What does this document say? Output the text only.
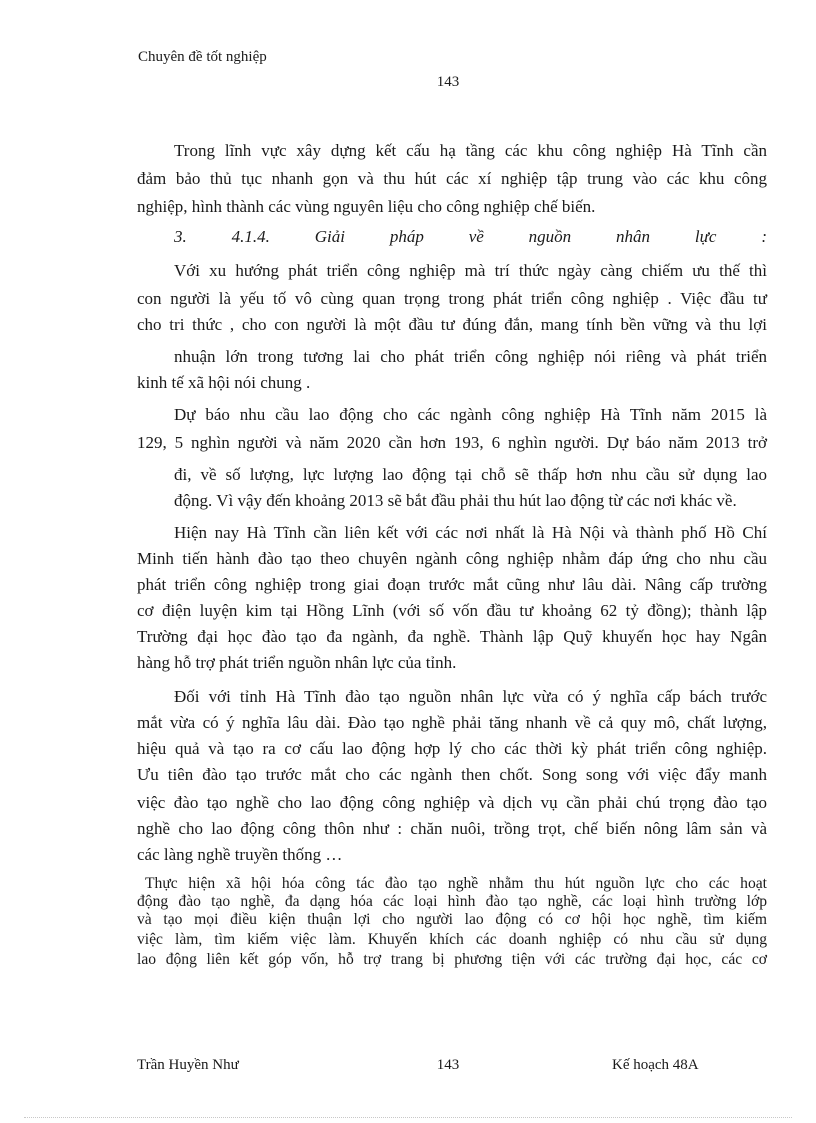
Chuyên đề tốt nghiệp
143
Trong lĩnh vực xây dựng kết cấu hạ tầng các khu công nghiệp Hà Tĩnh cần
đảm bảo thủ tục nhanh gọn và thu hút các xí nghiệp tập trung vào các khu công
nghiệp, hình thành các vùng nguyên liệu cho công nghiệp chế biến.
3. 4.1.4. Giải pháp về nguồn nhân lực :
Với xu hướng phát triển công nghiệp mà trí thức ngày càng chiếm ưu thế thì
con người là yếu tố vô cùng quan trọng trong phát triển công nghiệp . Việc đầu tư
cho tri thức , cho con người là một đầu tư đúng đắn, mang tính bền vững và thu lợi
nhuận lớn trong tương lai cho phát triển công nghiệp nói riêng và phát triển
kinh tế xã hội nói chung .
Dự báo nhu cầu lao động cho các ngành công nghiệp Hà Tĩnh năm 2015 là
129, 5 nghìn người và năm 2020 cần hơn 193, 6 nghìn người. Dự báo năm 2013 trở
đi, về số lượng, lực lượng lao động tại chỗ sẽ thấp hơn nhu cầu sử dụng lao
động. Vì vậy đến khoảng 2013 sẽ bắt đầu phải thu hút lao động từ các nơi khác về.
Hiện nay Hà Tĩnh cần liên kết với các nơi nhất là Hà Nội và thành phố Hồ Chí
Minh tiến hành đào tạo theo chuyên ngành công nghiệp nhằm đáp ứng cho nhu cầu
phát triển công nghiệp trong giai đoạn trước mắt cũng như lâu dài. Nâng cấp trường
cơ điện luyện kim tại Hồng Lĩnh (với số vốn đầu tư khoảng 62 tỷ đồng); thành lập
Trường đại học đào tạo đa ngành, đa nghề. Thành lập Quỹ khuyến học hay Ngân
hàng hỗ trợ phát triển nguồn nhân lực của tỉnh.
Đối với tỉnh Hà Tĩnh đào tạo nguồn nhân lực vừa có ý nghĩa cấp bách trước
mắt vừa có ý nghĩa lâu dài. Đào tạo nghề phải tăng nhanh về cả quy mô, chất lượng,
hiệu quả và tạo ra cơ cấu lao động hợp lý cho các thời kỳ phát triển công nghiệp.
Ưu tiên đào tạo trước mắt cho các ngành then chốt. Song song với việc đẩy manh
việc đào tạo nghề cho lao động công nghiệp và dịch vụ cần phải chú trọng đào tạo
nghề cho lao động công thôn như : chăn nuôi, trồng trọt, chế biến nông lâm sản và
các làng nghề truyền thống …
Thực hiện xã hội hóa công tác đào tạo nghề nhằm thu hút nguồn lực cho các hoạt
động đào tạo nghề, đa dạng hóa các loại hình đào tạo nghề, các loại hình trường lớp
và tạo mọi điều kiện thuận lợi cho người lao động có cơ hội học nghề, tìm kiếm
việc làm, tìm kiếm việc làm. Khuyến khích các doanh nghiệp có nhu cầu sử dụng
lao động liên kết góp vốn, hỗ trợ trang bị phương tiện với các trường đại học, các cơ
Trần Huyền Như	143	Kế hoạch 48A
